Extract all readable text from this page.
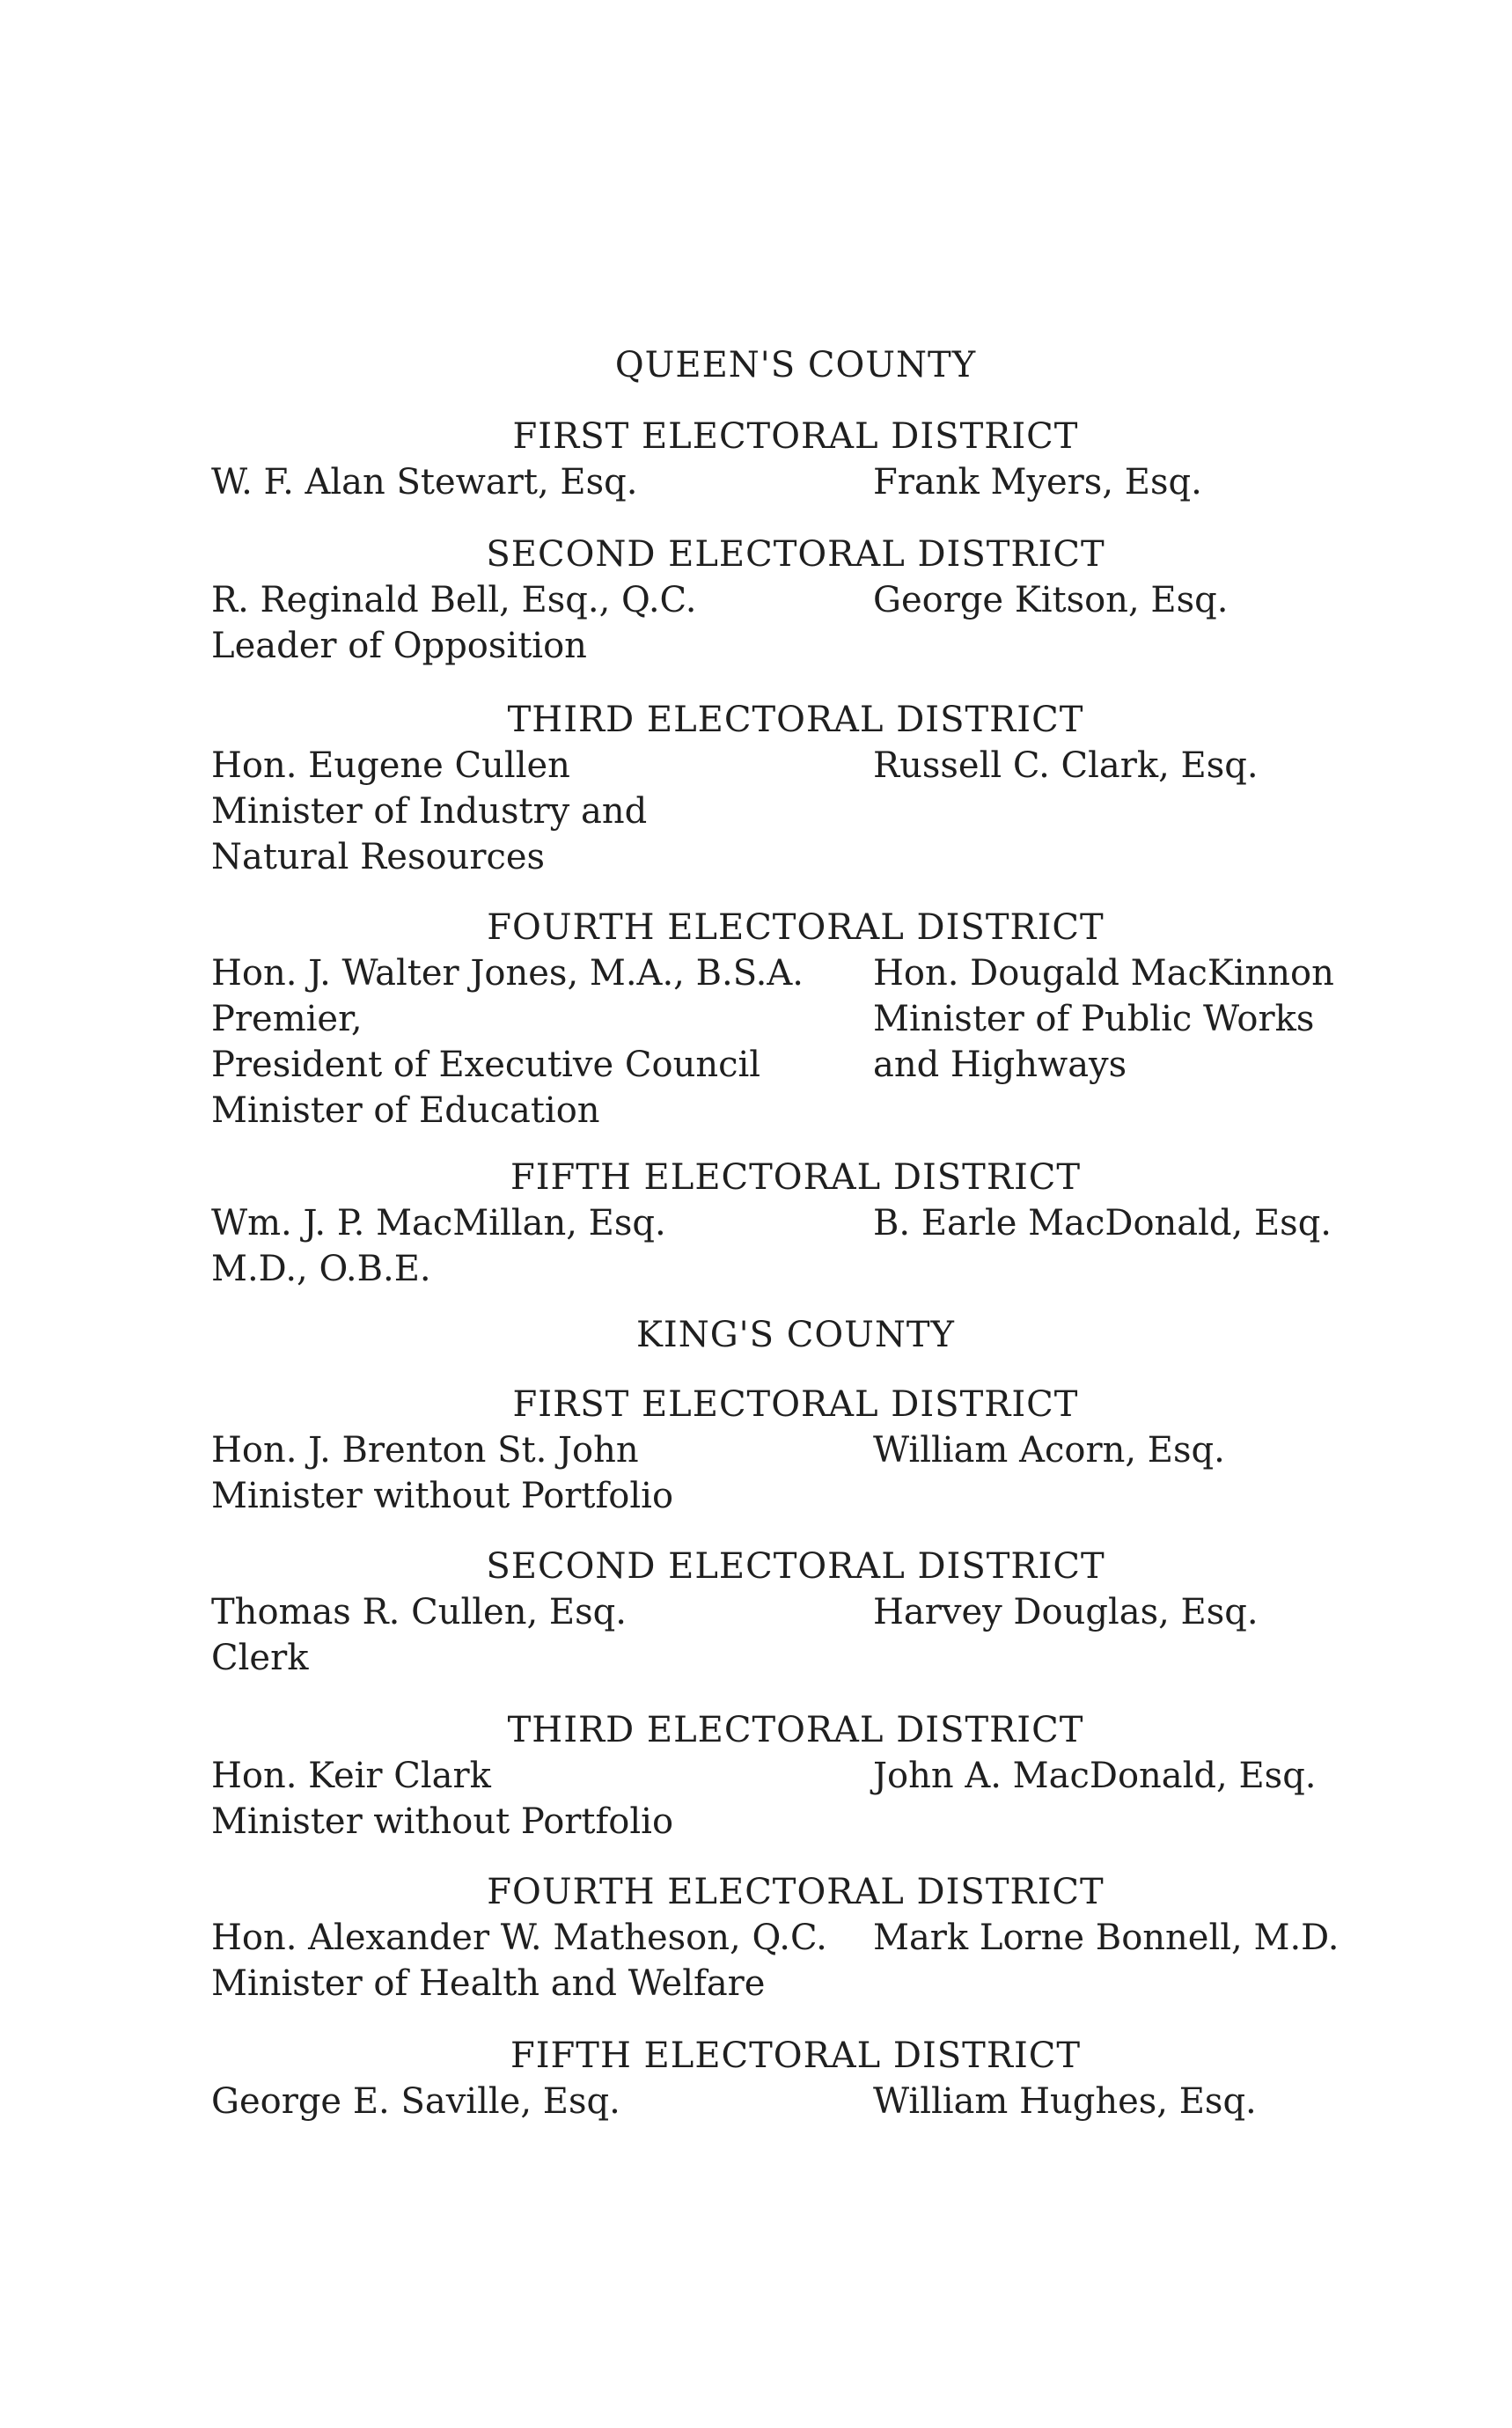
QUEEN'S COUNTY
FIRST ELECTORAL DISTRICT
W. F. Alan Stewart, Esq.	Frank Myers, Esq.
SECOND ELECTORAL DISTRICT
R. Reginald Bell, Esq., Q.C.
Leader of Opposition
George Kitson, Esq.
THIRD ELECTORAL DISTRICT
Hon. Eugene Cullen
Minister of Industry and
Natural Resources
Russell C. Clark, Esq.
FOURTH ELECTORAL DISTRICT
Hon. J. Walter Jones, M.A., B.S.A.
Premier,
President of Executive Council
Minister of Education
Hon. Dougald MacKinnon
Minister of Public Works
and Highways
FIFTH ELECTORAL DISTRICT
Wm. J. P. MacMillan, Esq.
M.D., O.B.E.
B. Earle MacDonald, Esq.
KING'S COUNTY
FIRST ELECTORAL DISTRICT
Hon. J. Brenton St. John
Minister without Portfolio
William Acorn, Esq.
SECOND ELECTORAL DISTRICT
Thomas R. Cullen, Esq.
Clerk
Harvey Douglas, Esq.
THIRD ELECTORAL DISTRICT
Hon. Keir Clark
Minister without Portfolio
John A. MacDonald, Esq.
FOURTH ELECTORAL DISTRICT
Hon. Alexander W. Matheson, Q.C.
Minister of Health and Welfare
Mark Lorne Bonnell, M.D.
FIFTH ELECTORAL DISTRICT
George E. Saville, Esq.	William Hughes, Esq.
